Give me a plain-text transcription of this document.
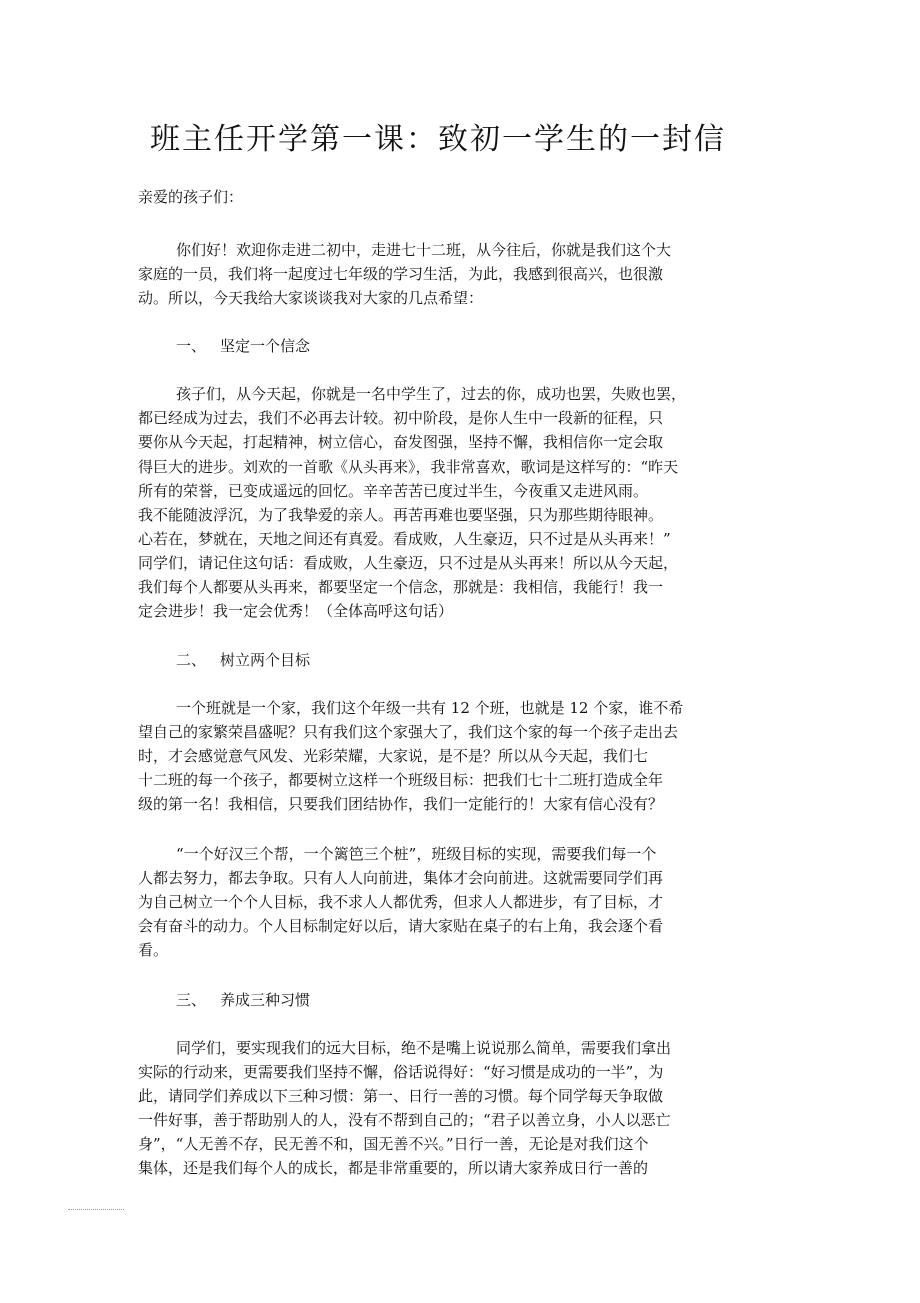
班主任开学第一课：致初一学生的一封信
亲爱的孩子们：
你们好！欢迎你走进二初中，走进七十二班，从今往后，你就是我们这个大
家庭的一员，我们将一起度过七年级的学习生活，为此，我感到很高兴，也很激
动。所以，今天我给大家谈谈我对大家的几点希望：
一、 坚定一个信念
孩子们，从今天起，你就是一名中学生了，过去的你，成功也罢，失败也罢，
都已经成为过去，我们不必再去计较。初中阶段，是你人生中一段新的征程，只
要你从今天起，打起精神，树立信心，奋发图强，坚持不懈，我相信你一定会取
得巨大的进步。刘欢的一首歌《从头再来》，我非常喜欢，歌词是这样写的：“昨天
所有的荣誉，已变成遥远的回忆。辛辛苦苦已度过半生，今夜重又走进风雨。
我不能随波浮沉，为了我挚爱的亲人。再苦再难也要坚强，只为那些期待眼神。
心若在，梦就在，天地之间还有真爱。看成败，人生豪迈，只不过是从头再来！”
同学们，请记住这句话：看成败，人生豪迈，只不过是从头再来！所以从今天起，
我们每个人都要从头再来，都要坚定一个信念，那就是：我相信，我能行！我一
定会进步！我一定会优秀！（全体高呼这句话）
二、 树立两个目标
一个班就是一个家，我们这个年级一共有 12 个班，也就是 12 个家，谁不希
望自己的家繁荣昌盛呢？只有我们这个家强大了，我们这个家的每一个孩子走出去
时，才会感觉意气风发、光彩荣耀，大家说，是不是？所以从今天起，我们七
十二班的每一个孩子，都要树立这样一个班级目标：把我们七十二班打造成全年
级的第一名！我相信，只要我们团结协作，我们一定能行的！大家有信心没有？
“一个好汉三个帮，一个篱笆三个桩”，班级目标的实现，需要我们每一个
人都去努力，都去争取。只有人人向前进，集体才会向前进。这就需要同学们再
为自己树立一个个人目标，我不求人人都优秀，但求人人都进步，有了目标，才
会有奋斗的动力。个人目标制定好以后，请大家贴在桌子的右上角，我会逐个看
看。
三、 养成三种习惯
同学们，要实现我们的远大目标，绝不是嘴上说说那么简单，需要我们拿出
实际的行动来，更需要我们坚持不懈，俗话说得好：“好习惯是成功的一半”，为
此，请同学们养成以下三种习惯：第一、日行一善的习惯。每个同学每天争取做
一件好事，善于帮助别人的人，没有不帮到自己的；“君子以善立身，小人以恶亡
身”，“人无善不存，民无善不和，国无善不兴。”日行一善，无论是对我们这个
集体，还是我们每个人的成长，都是非常重要的，所以请大家养成日行一善的
